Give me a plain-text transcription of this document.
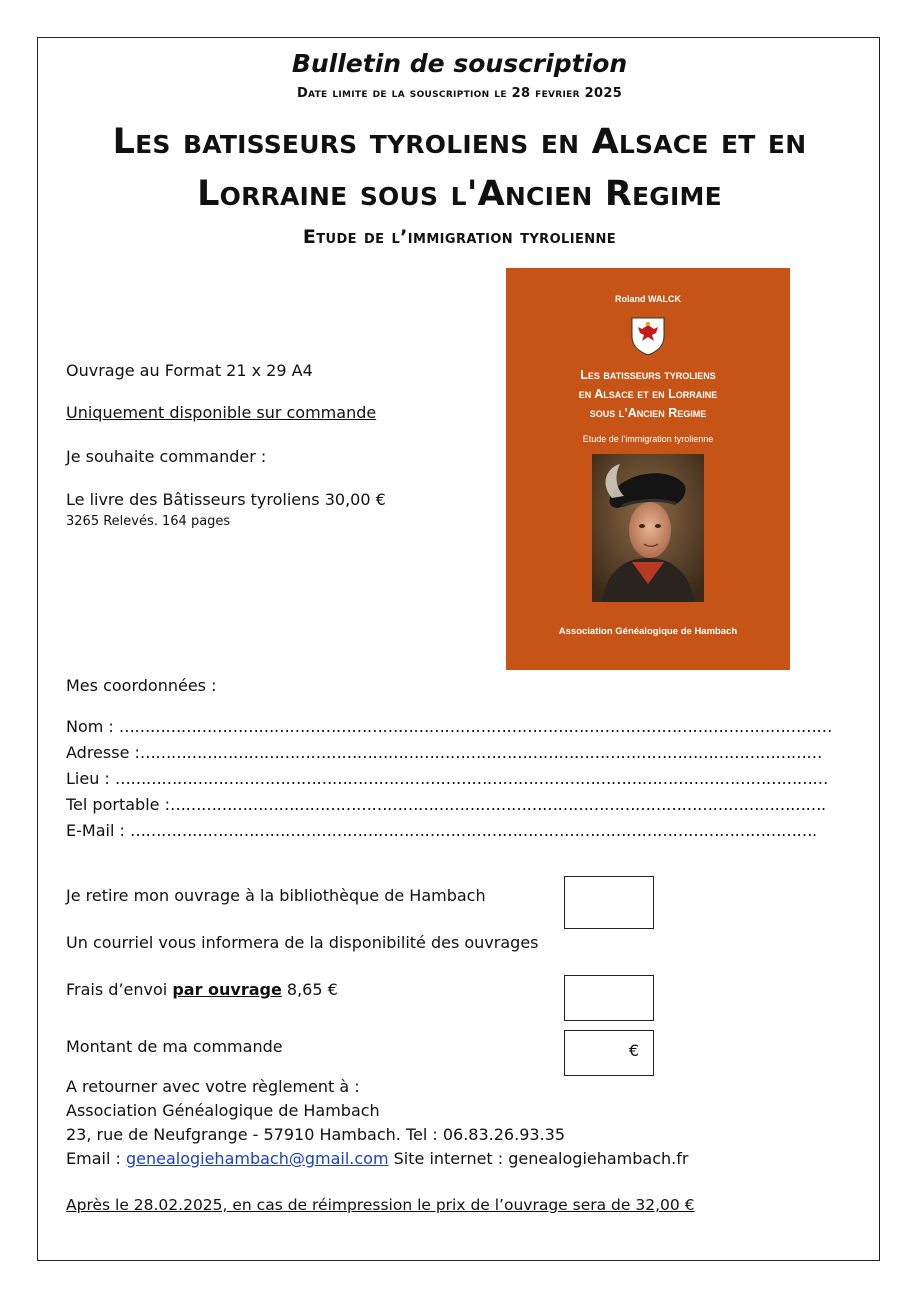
Bulletin de souscription
Date limite de la souscription le 28 fevrier 2025
Les batisseurs tyroliens en Alsace et en
Lorraine sous l'Ancien Regime
Etude de l’immigration tyrolienne
Ouvrage au Format 21 x 29 A4
Uniquement disponible sur commande
Je souhaite commander :
Le livre des Bâtisseurs tyroliens 30,00 €
3265 Relevés. 164 pages
Roland WALCK
Les batisseurs tyroliens
en Alsace et en Lorraine
sous l’Ancien Regime
Etude de l’immigration tyrolienne
Association Généalogique de Hambach
Mes coordonnées :
Nom : …………………………………………………………………………………………………………………………
Adresse :……………………………………………………………………………………………………………………
Lieu : …………………………………………………………………………………………………………………………
Tel portable :……………………………………………………………………………………………………………….
E-Mail : …………………………………………………………………………………………………………………….
Je retire mon ouvrage à la bibliothèque de Hambach
Un courriel vous informera de la disponibilité des ouvrages
Frais d’envoi par ouvrage 8,65 €
Montant de ma commande	€
A retourner avec votre règlement à :
Association Généalogique de Hambach
23, rue de Neufgrange - 57910 Hambach. Tel : 06.83.26.93.35
Email : genealogiehambach@gmail.com Site internet : genealogiehambach.fr
Après le 28.02.2025, en cas de réimpression le prix de l’ouvrage sera de 32,00 €
